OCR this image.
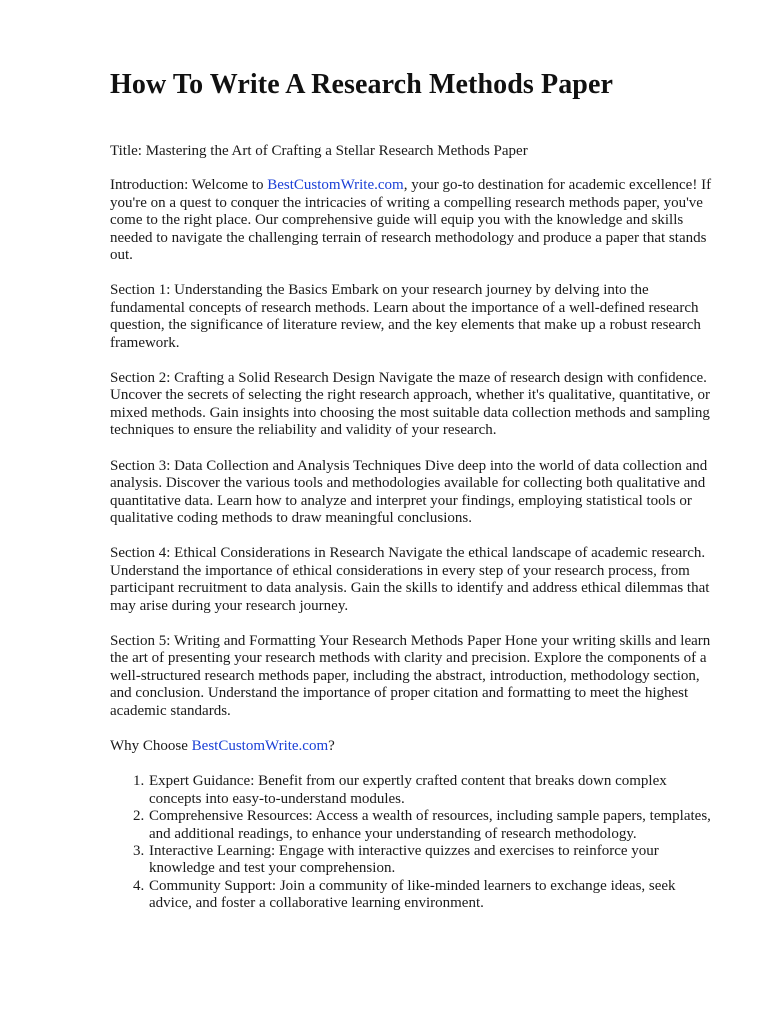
How To Write A Research Methods Paper

Title: Mastering the Art of Crafting a Stellar Research Methods Paper

Introduction: Welcome to BestCustomWrite.com, your go-to destination for academic excellence! If you're on a quest to conquer the intricacies of writing a compelling research methods paper, you've come to the right place. Our comprehensive guide will equip you with the knowledge and skills needed to navigate the challenging terrain of research methodology and produce a paper that stands out.

Section 1: Understanding the Basics Embark on your research journey by delving into the fundamental concepts of research methods. Learn about the importance of a well-defined research question, the significance of literature review, and the key elements that make up a robust research framework.

Section 2: Crafting a Solid Research Design Navigate the maze of research design with confidence. Uncover the secrets of selecting the right research approach, whether it's qualitative, quantitative, or mixed methods. Gain insights into choosing the most suitable data collection methods and sampling techniques to ensure the reliability and validity of your research.

Section 3: Data Collection and Analysis Techniques Dive deep into the world of data collection and analysis. Discover the various tools and methodologies available for collecting both qualitative and quantitative data. Learn how to analyze and interpret your findings, employing statistical tools or qualitative coding methods to draw meaningful conclusions.

Section 4: Ethical Considerations in Research Navigate the ethical landscape of academic research. Understand the importance of ethical considerations in every step of your research process, from participant recruitment to data analysis. Gain the skills to identify and address ethical dilemmas that may arise during your research journey.

Section 5: Writing and Formatting Your Research Methods Paper Hone your writing skills and learn the art of presenting your research methods with clarity and precision. Explore the components of a well-structured research methods paper, including the abstract, introduction, methodology section, and conclusion. Understand the importance of proper citation and formatting to meet the highest academic standards.

Why Choose BestCustomWrite.com?

1. Expert Guidance: Benefit from our expertly crafted content that breaks down complex concepts into easy-to-understand modules.
2. Comprehensive Resources: Access a wealth of resources, including sample papers, templates, and additional readings, to enhance your understanding of research methodology.
3. Interactive Learning: Engage with interactive quizzes and exercises to reinforce your knowledge and test your comprehension.
4. Community Support: Join a community of like-minded learners to exchange ideas, seek advice, and foster a collaborative learning environment.
